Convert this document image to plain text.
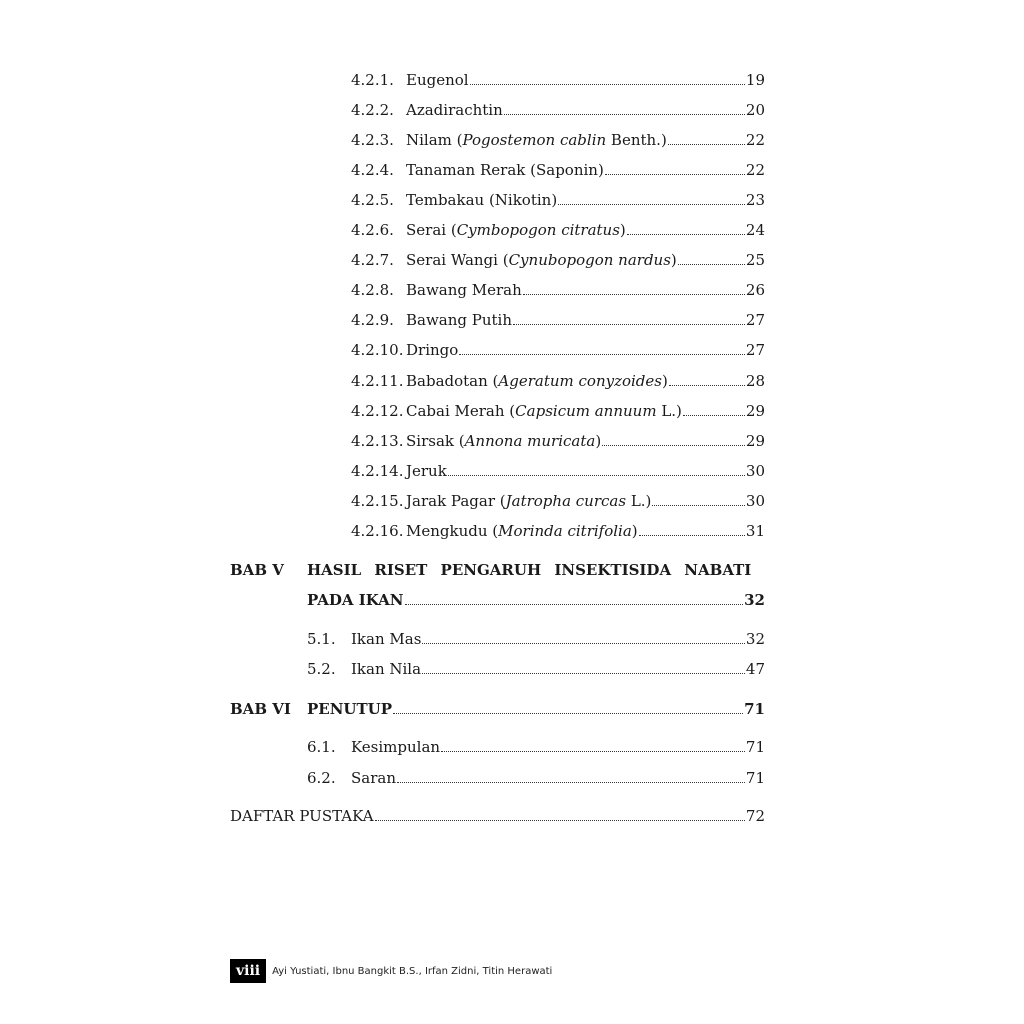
4.2.1. Eugenol	19
4.2.2. Azadirachtin	20
4.2.3. Nilam (Pogostemon cablin Benth.)	22
4.2.4. Tanaman Rerak (Saponin)	22
4.2.5. Tembakau (Nikotin)	23
4.2.6. Serai (Cymbopogon citratus)	24
4.2.7. Serai Wangi (Cynubopogon nardus)	25
4.2.8. Bawang Merah	26
4.2.9. Bawang Putih	27
4.2.10. Dringo	27
4.2.11. Babadotan (Ageratum conyzoides)	28
4.2.12. Cabai Merah (Capsicum annuum L.)	29
4.2.13. Sirsak (Annona muricata)	29
4.2.14. Jeruk	30
4.2.15. Jarak Pagar (Jatropha curcas L.)	30
4.2.16. Mengkudu (Morinda citrifolia)	31
BAB V HASIL RISET PENGARUH INSEKTISIDA NABATI
PADA IKAN	32
5.1.	Ikan Mas	32
5.2.	Ikan Nila	47
BAB VI PENUTUP	71
6.1.	Kesimpulan	71
6.2.	Saran	71
DAFTAR PUSTAKA	72
viii	Ayi Yustiati, Ibnu Bangkit B.S., Irfan Zidni, Titin Herawati
